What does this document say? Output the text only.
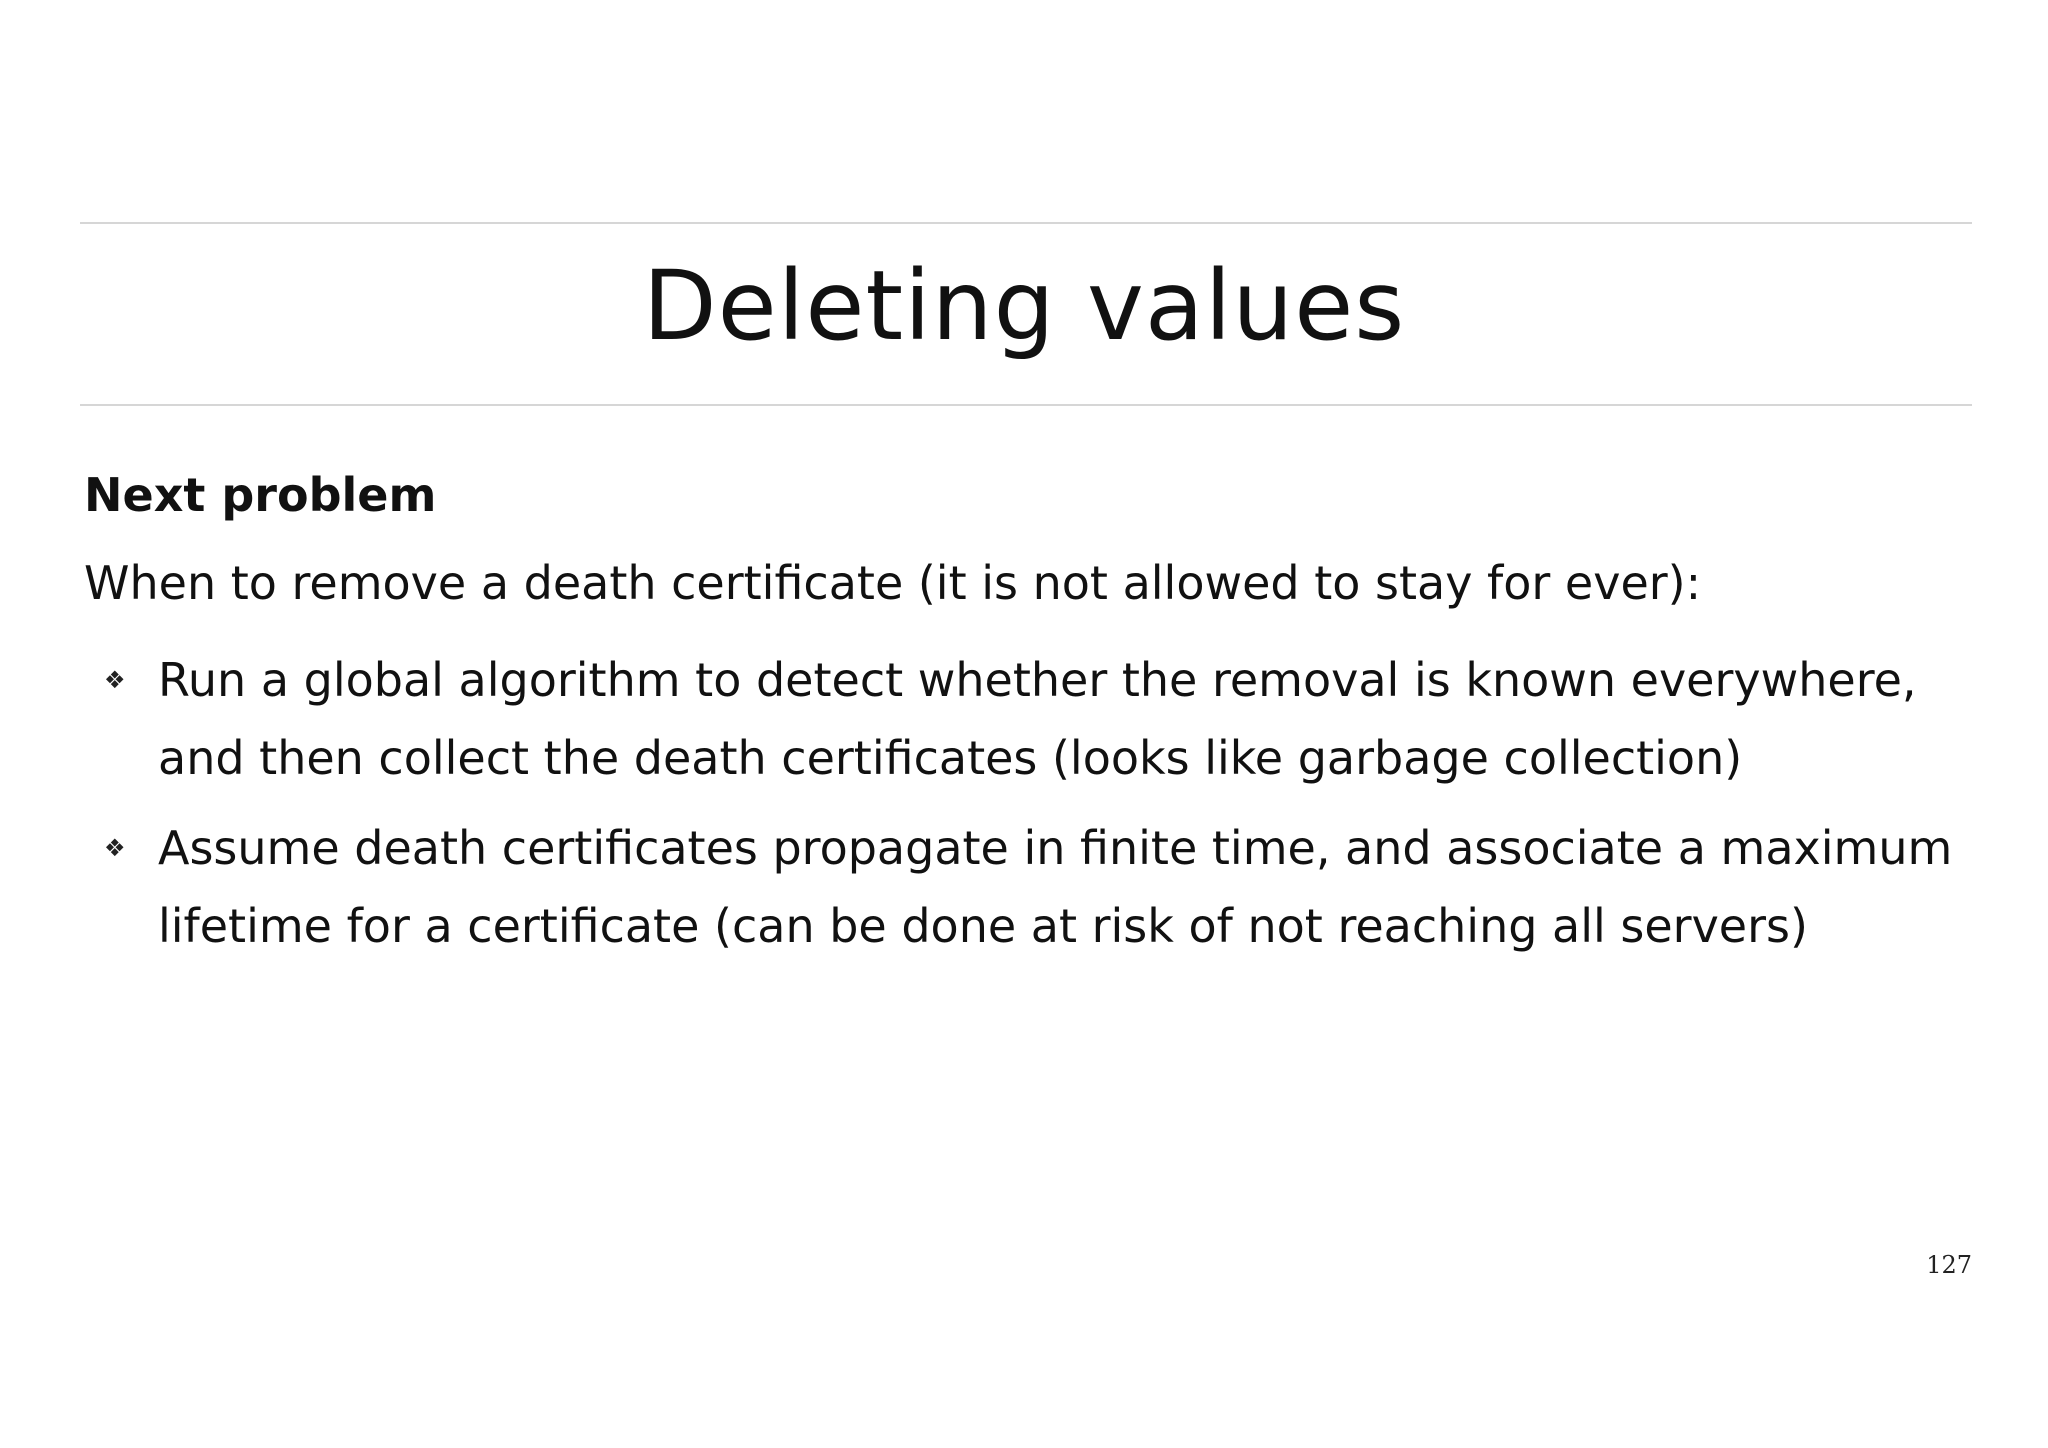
Deleting values
Next problem
When to remove a death certificate (it is not allowed to stay for ever):
❖ Run a global algorithm to detect whether the removal is known everywhere, and then collect the death certificates (looks like garbage collection)
❖ Assume death certificates propagate in finite time, and associate a maximum lifetime for a certificate (can be done at risk of not reaching all servers)
127
